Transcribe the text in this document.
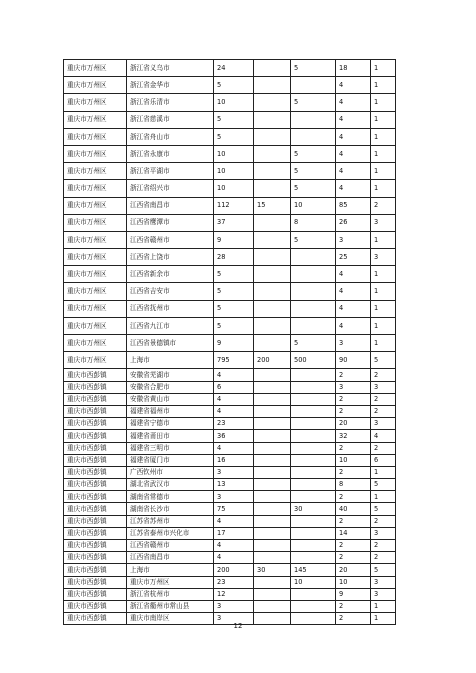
重庆市万州区	浙江省义乌市	24		5	18	1
重庆市万州区	浙江省金华市	5			4	1
重庆市万州区	浙江省乐清市	10		5	4	1
重庆市万州区	浙江省慈溪市	5			4	1
重庆市万州区	浙江省舟山市	5			4	1
重庆市万州区	浙江省永康市	10		5	4	1
重庆市万州区	浙江省平湖市	10		5	4	1
重庆市万州区	浙江省绍兴市	10		5	4	1
重庆市万州区	江西省南昌市	112	15	10	85	2
重庆市万州区	江西省鹰潭市	37		8	26	3
重庆市万州区	江西省赣州市	9		5	3	1
重庆市万州区	江西省上饶市	28			25	3
重庆市万州区	江西省新余市	5			4	1
重庆市万州区	江西省吉安市	5			4	1
重庆市万州区	江西省抚州市	5			4	1
重庆市万州区	江西省九江市	5			4	1
重庆市万州区	江西省景德镇市	9		5	3	1
重庆市万州区	上海市	795	200	500	90	5
重庆市西彭镇	安徽省芜湖市	4			2	2
重庆市西彭镇	安徽省合肥市	6			3	3
重庆市西彭镇	安徽省黄山市	4			2	2
重庆市西彭镇	福建省福州市	4			2	2
重庆市西彭镇	福建省宁德市	23			20	3
重庆市西彭镇	福建省莆田市	36			32	4
重庆市西彭镇	福建省三明市	4			2	2
重庆市西彭镇	福建省厦门市	16			10	6
重庆市西彭镇	广西钦州市	3			2	1
重庆市西彭镇	湖北省武汉市	13			8	5
重庆市西彭镇	湖南省常德市	3			2	1
重庆市西彭镇	湖南省长沙市	75		30	40	5
重庆市西彭镇	江苏省苏州市	4			2	2
重庆市西彭镇	江苏省泰州市兴化市	17			14	3
重庆市西彭镇	江西省赣州市	4			2	2
重庆市西彭镇	江西省南昌市	4			2	2
重庆市西彭镇	上海市	200	30	145	20	5
重庆市西彭镇	重庆市万州区	23		10	10	3
重庆市西彭镇	浙江省杭州市	12			9	3
重庆市西彭镇	浙江省衢州市常山县	3			2	1
重庆市西彭镇	重庆市南岸区	3			2	1
12
